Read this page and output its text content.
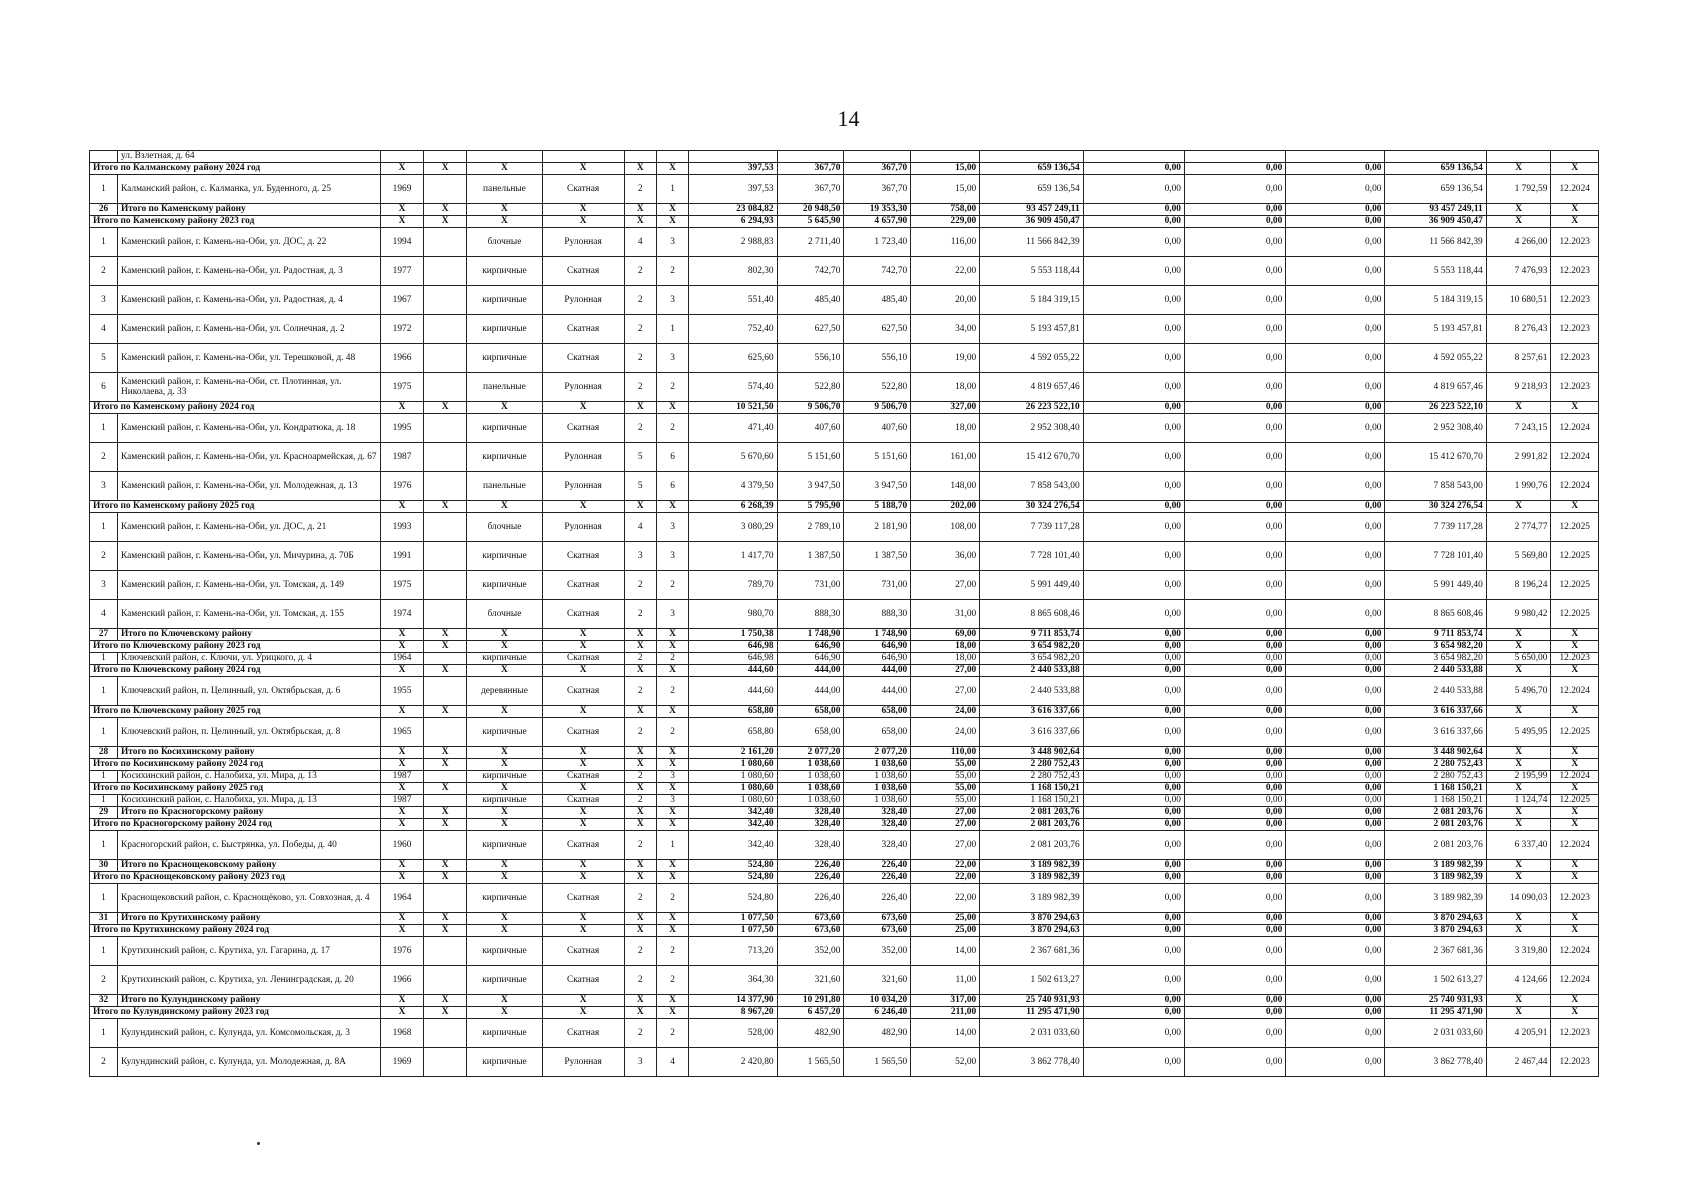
14
	ул. Взлетная, д. 64																	
Итого по Калманскому району 2024 год		X	X	X	X	X	X	397,53	367,70	367,70	15,00	659 136,54	0,00	0,00	0,00	659 136,54	X	X
1	Калманский район, с. Калманка, ул. Буденного, д. 25	1969		панельные	Скатная	2	1	397,53	367,70	367,70	15,00	659 136,54	0,00	0,00	0,00	659 136,54	1 792,59	12.2024
26	Итого по Каменскому району	X	X	X	X	X	X	23 084,82	20 948,50	19 353,30	758,00	93 457 249,11	0,00	0,00	0,00	93 457 249,11	X	X
Итого по Каменскому району 2023 год		X	X	X	X	X	X	6 294,93	5 645,90	4 657,90	229,00	36 909 450,47	0,00	0,00	0,00	36 909 450,47	X	X
1	Каменский район, г. Камень-на-Оби, ул. ДОС, д. 22	1994		блочные	Рулонная	4	3	2 988,83	2 711,40	1 723,40	116,00	11 566 842,39	0,00	0,00	0,00	11 566 842,39	4 266,00	12.2023
2	Каменский район, г. Камень-на-Оби, ул. Радостная, д. 3	1977		кирпичные	Скатная	2	2	802,30	742,70	742,70	22,00	5 553 118,44	0,00	0,00	0,00	5 553 118,44	7 476,93	12.2023
3	Каменский район, г. Камень-на-Оби, ул. Радостная, д. 4	1967		кирпичные	Рулонная	2	3	551,40	485,40	485,40	20,00	5 184 319,15	0,00	0,00	0,00	5 184 319,15	10 680,51	12.2023
4	Каменский район, г. Камень-на-Оби, ул. Солнечная, д. 2	1972		кирпичные	Скатная	2	1	752,40	627,50	627,50	34,00	5 193 457,81	0,00	0,00	0,00	5 193 457,81	8 276,43	12.2023
5	Каменский район, г. Камень-на-Оби, ул. Терешковой, д. 48	1966		кирпичные	Скатная	2	3	625,60	556,10	556,10	19,00	4 592 055,22	0,00	0,00	0,00	4 592 055,22	8 257,61	12.2023
6	Каменский район, г. Камень-на-Оби, ст. Плотинная, ул. Николаева, д. 33	1975		панельные	Рулонная	2	2	574,40	522,80	522,80	18,00	4 819 657,46	0,00	0,00	0,00	4 819 657,46	9 218,93	12.2023
Итого по Каменскому району 2024 год		X	X	X	X	X	X	10 521,50	9 506,70	9 506,70	327,00	26 223 522,10	0,00	0,00	0,00	26 223 522,10	X	X
1	Каменский район, г. Камень-на-Оби, ул. Кондратюка, д. 18	1995		кирпичные	Скатная	2	2	471,40	407,60	407,60	18,00	2 952 308,40	0,00	0,00	0,00	2 952 308,40	7 243,15	12.2024
2	Каменский район, г. Камень-на-Оби, ул. Красноармейская, д. 67	1987		кирпичные	Рулонная	5	6	5 670,60	5 151,60	5 151,60	161,00	15 412 670,70	0,00	0,00	0,00	15 412 670,70	2 991,82	12.2024
3	Каменский район, г. Камень-на-Оби, ул. Молодежная, д. 13	1976		панельные	Рулонная	5	6	4 379,50	3 947,50	3 947,50	148,00	7 858 543,00	0,00	0,00	0,00	7 858 543,00	1 990,76	12.2024
Итого по Каменскому району 2025 год		X	X	X	X	X	X	6 268,39	5 795,90	5 188,70	202,00	30 324 276,54	0,00	0,00	0,00	30 324 276,54	X	X
1	Каменский район, г. Камень-на-Оби, ул. ДОС, д. 21	1993		блочные	Рулонная	4	3	3 080,29	2 789,10	2 181,90	108,00	7 739 117,28	0,00	0,00	0,00	7 739 117,28	2 774,77	12.2025
2	Каменский район, г. Камень-на-Оби, ул. Мичурина, д. 70Б	1991		кирпичные	Скатная	3	3	1 417,70	1 387,50	1 387,50	36,00	7 728 101,40	0,00	0,00	0,00	7 728 101,40	5 569,80	12.2025
3	Каменский район, г. Камень-на-Оби, ул. Томская, д. 149	1975		кирпичные	Скатная	2	2	789,70	731,00	731,00	27,00	5 991 449,40	0,00	0,00	0,00	5 991 449,40	8 196,24	12.2025
4	Каменский район, г. Камень-на-Оби, ул. Томская, д. 155	1974		блочные	Скатная	2	3	980,70	888,30	888,30	31,00	8 865 608,46	0,00	0,00	0,00	8 865 608,46	9 980,42	12.2025
27	Итого по Ключевскому району	X	X	X	X	X	X	1 750,38	1 748,90	1 748,90	69,00	9 711 853,74	0,00	0,00	0,00	9 711 853,74	X	X
Итого по Ключевскому району 2023 год		X	X	X	X	X	X	646,98	646,90	646,90	18,00	3 654 982,20	0,00	0,00	0,00	3 654 982,20	X	X
1	Ключевский район, с. Ключи, ул. Урицкого, д. 4	1964		кирпичные	Скатная	2	2	646,98	646,90	646,90	18,00	3 654 982,20	0,00	0,00	0,00	3 654 982,20	5 650,00	12.2023
Итого по Ключевскому району 2024 год		X	X	X	X	X	X	444,60	444,00	444,00	27,00	2 440 533,88	0,00	0,00	0,00	2 440 533,88	X	X
1	Ключевский район, п. Целинный, ул. Октябрьская, д. 6	1955		деревянные	Скатная	2	2	444,60	444,00	444,00	27,00	2 440 533,88	0,00	0,00	0,00	2 440 533,88	5 496,70	12.2024
Итого по Ключевскому району 2025 год		X	X	X	X	X	X	658,80	658,00	658,00	24,00	3 616 337,66	0,00	0,00	0,00	3 616 337,66	X	X
1	Ключевский район, п. Целинный, ул. Октябрьская, д. 8	1965		кирпичные	Скатная	2	2	658,80	658,00	658,00	24,00	3 616 337,66	0,00	0,00	0,00	3 616 337,66	5 495,95	12.2025
28	Итого по Косихинскому району	X	X	X	X	X	X	2 161,20	2 077,20	2 077,20	110,00	3 448 902,64	0,00	0,00	0,00	3 448 902,64	X	X
Итого по Косихинскому району 2024 год		X	X	X	X	X	X	1 080,60	1 038,60	1 038,60	55,00	2 280 752,43	0,00	0,00	0,00	2 280 752,43	X	X
1	Косихинский район, с. Налобиха, ул. Мира, д. 13	1987		кирпичные	Скатная	2	3	1 080,60	1 038,60	1 038,60	55,00	2 280 752,43	0,00	0,00	0,00	2 280 752,43	2 195,99	12.2024
Итого по Косихинскому району 2025 год		X	X	X	X	X	X	1 080,60	1 038,60	1 038,60	55,00	1 168 150,21	0,00	0,00	0,00	1 168 150,21	X	X
1	Косихинский район, с. Налобиха, ул. Мира, д. 13	1987		кирпичные	Скатная	2	3	1 080,60	1 038,60	1 038,60	55,00	1 168 150,21	0,00	0,00	0,00	1 168 150,21	1 124,74	12.2025
29	Итого по Красногорскому району	X	X	X	X	X	X	342,40	328,40	328,40	27,00	2 081 203,76	0,00	0,00	0,00	2 081 203,76	X	X
Итого по Красногорскому району 2024 год		X	X	X	X	X	X	342,40	328,40	328,40	27,00	2 081 203,76	0,00	0,00	0,00	2 081 203,76	X	X
1	Красногорский район, с. Быстрянка, ул. Победы, д. 40	1960		кирпичные	Скатная	2	1	342,40	328,40	328,40	27,00	2 081 203,76	0,00	0,00	0,00	2 081 203,76	6 337,40	12.2024
30	Итого по Краснощековскому району	X	X	X	X	X	X	524,80	226,40	226,40	22,00	3 189 982,39	0,00	0,00	0,00	3 189 982,39	X	X
Итого по Краснощековскому району 2023 год		X	X	X	X	X	X	524,80	226,40	226,40	22,00	3 189 982,39	0,00	0,00	0,00	3 189 982,39	X	X
1	Краснощековский район, с. Краснощёково, ул. Совхозная, д. 4	1964		кирпичные	Скатная	2	2	524,80	226,40	226,40	22,00	3 189 982,39	0,00	0,00	0,00	3 189 982,39	14 090,03	12.2023
31	Итого по Крутихинскому району	X	X	X	X	X	X	1 077,50	673,60	673,60	25,00	3 870 294,63	0,00	0,00	0,00	3 870 294,63	X	X
Итого по Крутихинскому району 2024 год		X	X	X	X	X	X	1 077,50	673,60	673,60	25,00	3 870 294,63	0,00	0,00	0,00	3 870 294,63	X	X
1	Крутихинский район, с. Крутиха, ул. Гагарина, д. 17	1976		кирпичные	Скатная	2	2	713,20	352,00	352,00	14,00	2 367 681,36	0,00	0,00	0,00	2 367 681,36	3 319,80	12.2024
2	Крутихинский район, с. Крутиха, ул. Ленинградская, д. 20	1966		кирпичные	Скатная	2	2	364,30	321,60	321,60	11,00	1 502 613,27	0,00	0,00	0,00	1 502 613,27	4 124,66	12.2024
32	Итого по Кулундинскому району	X	X	X	X	X	X	14 377,90	10 291,80	10 034,20	317,00	25 740 931,93	0,00	0,00	0,00	25 740 931,93	X	X
Итого по Кулундинскому району 2023 год		X	X	X	X	X	X	8 967,20	6 457,20	6 246,40	211,00	11 295 471,90	0,00	0,00	0,00	11 295 471,90	X	X
1	Кулундинский район, с. Кулунда, ул. Комсомольская, д. 3	1968		кирпичные	Скатная	2	2	528,00	482,90	482,90	14,00	2 031 033,60	0,00	0,00	0,00	2 031 033,60	4 205,91	12.2023
2	Кулундинский район, с. Кулунда, ул. Молодежная, д. 8А	1969		кирпичные	Рулонная	3	4	2 420,80	1 565,50	1 565,50	52,00	3 862 778,40	0,00	0,00	0,00	3 862 778,40	2 467,44	12.2023
